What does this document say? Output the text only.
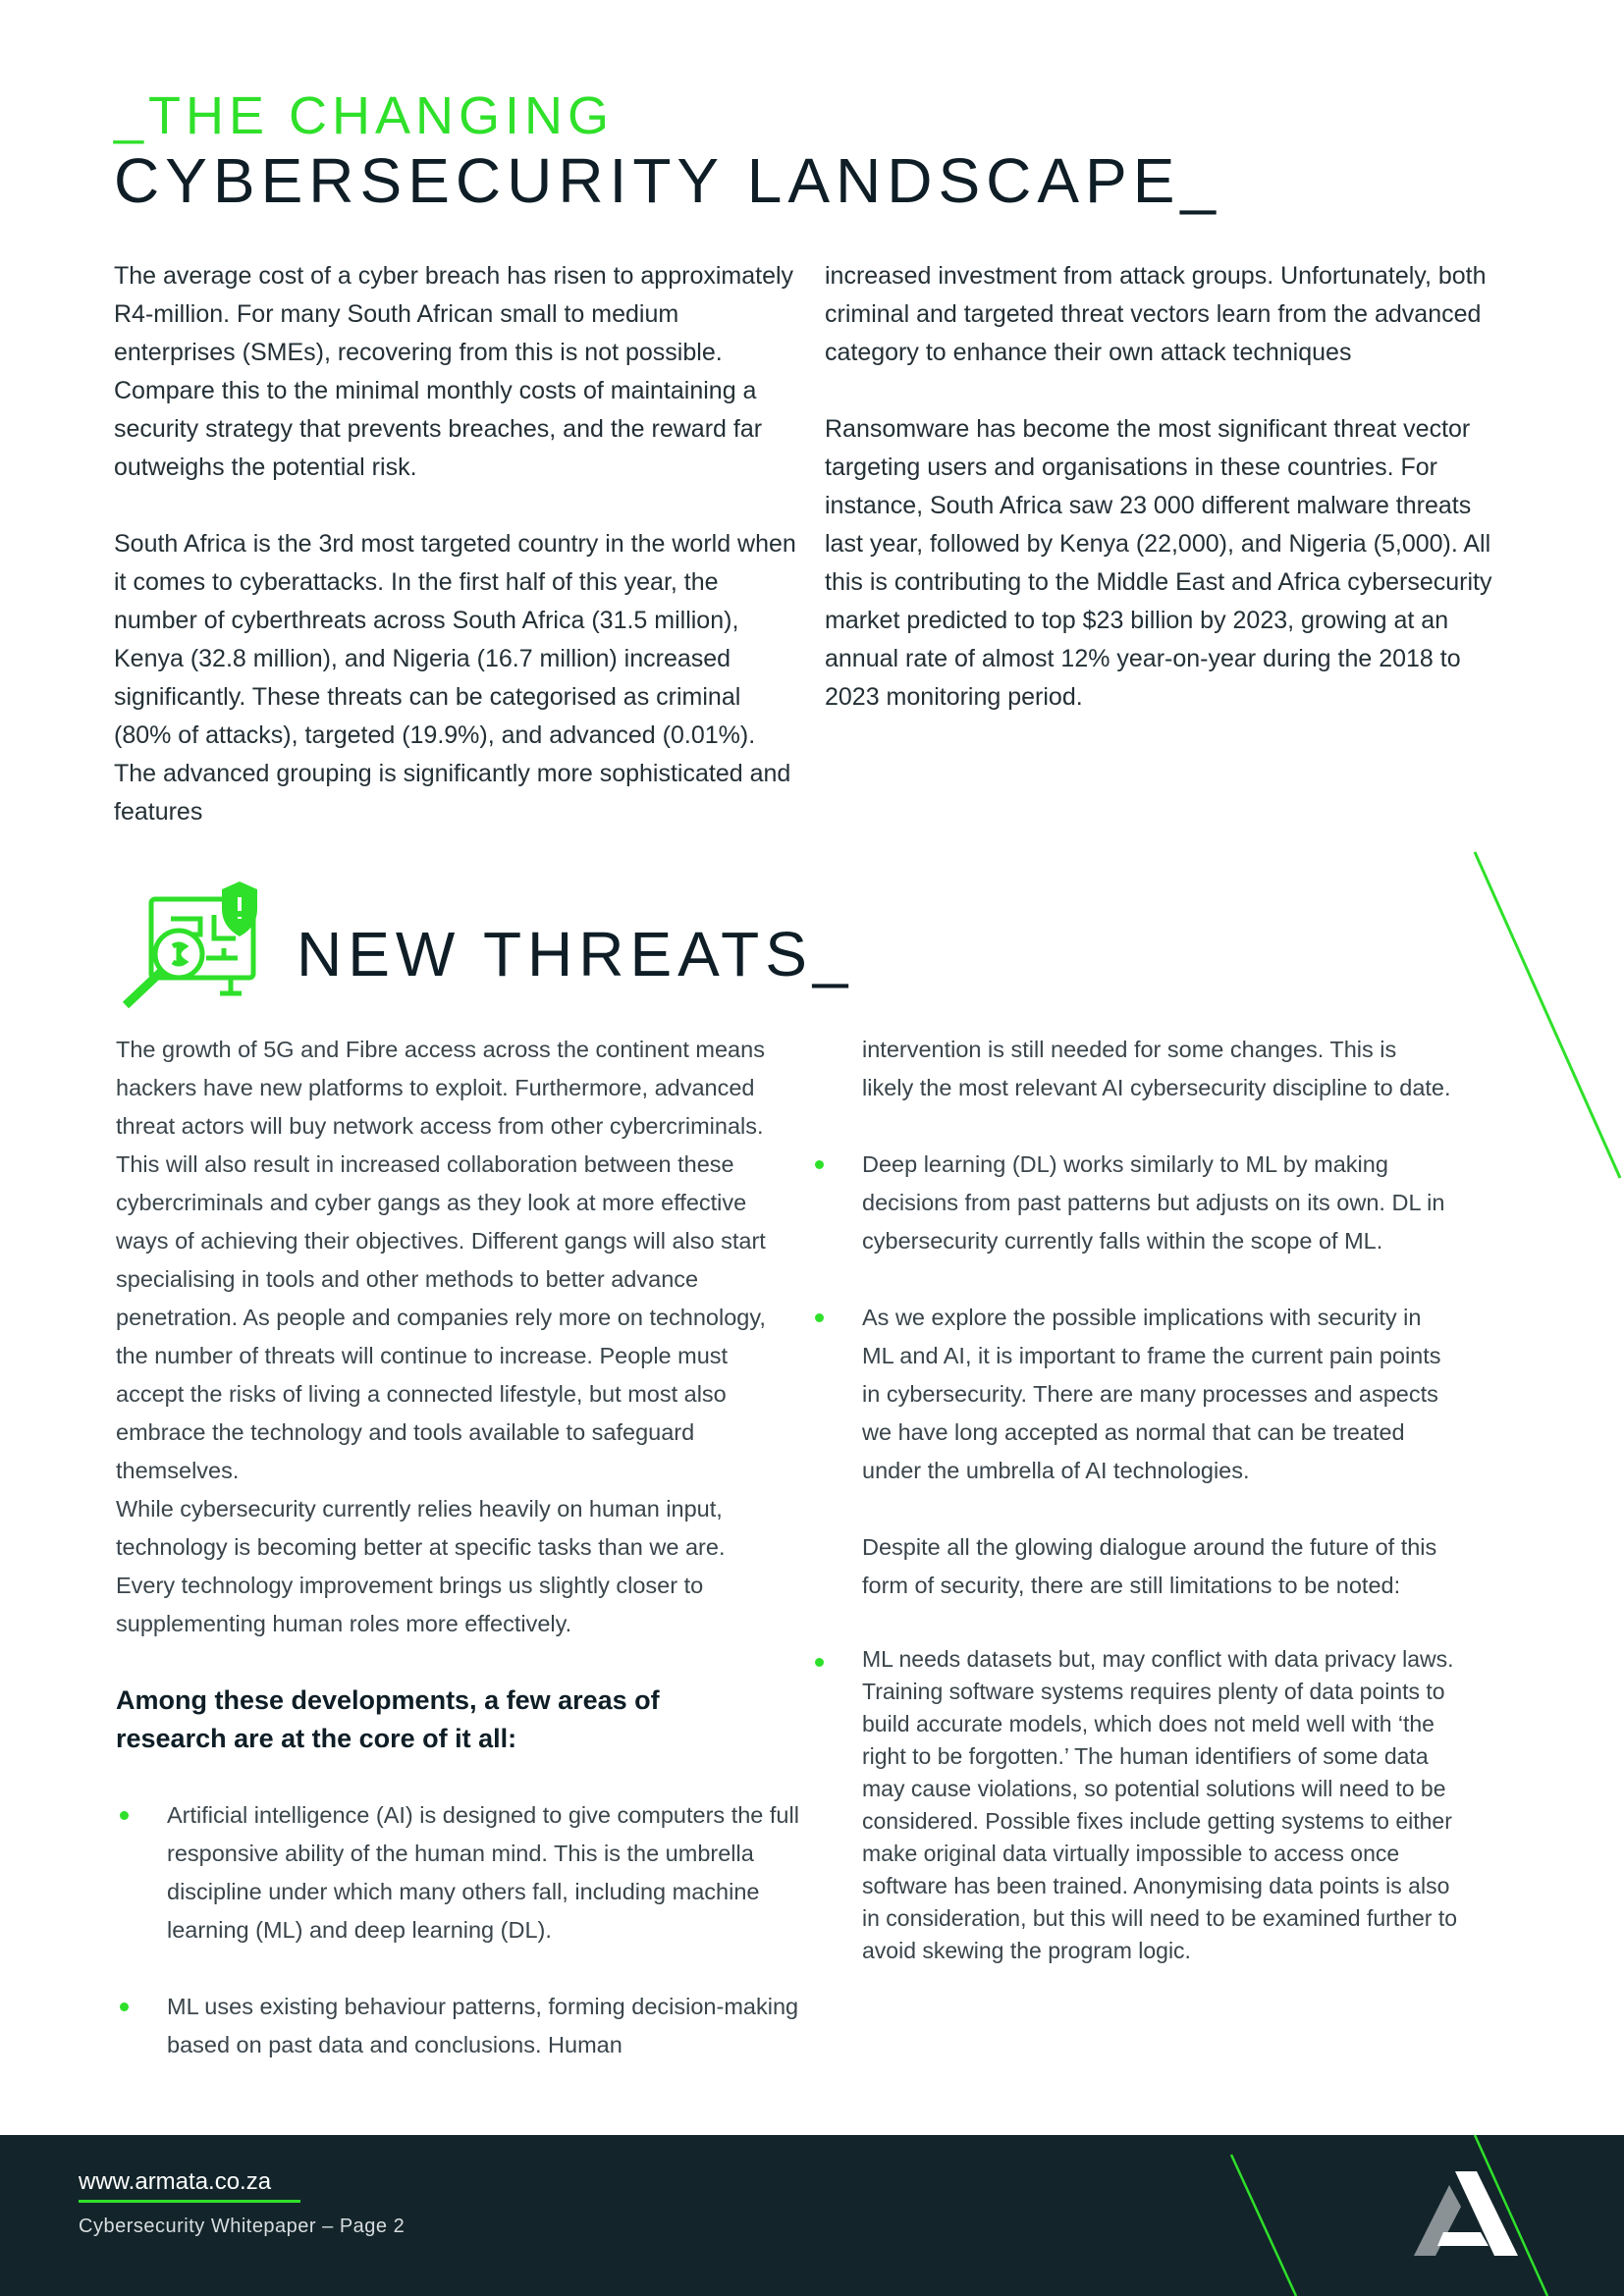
_THE CHANGING
CYBERSECURITY LANDSCAPE_

The average cost of a cyber breach has risen to approximately R4-million. For many South African small to medium enterprises (SMEs), recovering from this is not possible. Compare this to the minimal monthly costs of maintaining a security strategy that prevents breaches, and the reward far outweighs the potential risk.

South Africa is the 3rd most targeted country in the world when it comes to cyberattacks. In the first half of this year, the number of cyberthreats across South Africa (31.5 million), Kenya (32.8 million), and Nigeria (16.7 million) increased significantly. These threats can be categorised as criminal (80% of attacks), targeted (19.9%), and advanced (0.01%). The advanced grouping is significantly more sophisticated and features

increased investment from attack groups. Unfortunately, both criminal and targeted threat vectors learn from the advanced category to enhance their own attack techniques

Ransomware has become the most significant threat vector targeting users and organisations in these countries. For instance, South Africa saw 23 000 different malware threats last year, followed by Kenya (22,000), and Nigeria (5,000). All this is contributing to the Middle East and Africa cybersecurity market predicted to top $23 billion by 2023, growing at an annual rate of almost 12% year-on-year during the 2018 to 2023 monitoring period.

NEW THREATS_

The growth of 5G and Fibre access across the continent means hackers have new platforms to exploit. Furthermore, advanced threat actors will buy network access from other cybercriminals. This will also result in increased collaboration between these cybercriminals and cyber gangs as they look at more effective ways of achieving their objectives. Different gangs will also start specialising in tools and other methods to better advance penetration. As people and companies rely more on technology, the number of threats will continue to increase. People must accept the risks of living a connected lifestyle, but most also embrace the technology and tools available to safeguard themselves.

While cybersecurity currently relies heavily on human input, technology is becoming better at specific tasks than we are. Every technology improvement brings us slightly closer to supplementing human roles more effectively.

Among these developments, a few areas of research are at the core of it all:

Artificial intelligence (AI) is designed to give computers the full responsive ability of the human mind. This is the umbrella discipline under which many others fall, including machine learning (ML) and deep learning (DL).

ML uses existing behaviour patterns, forming decision-making based on past data and conclusions. Human

intervention is still needed for some changes. This is likely the most relevant AI cybersecurity discipline to date.

Deep learning (DL) works similarly to ML by making decisions from past patterns but adjusts on its own. DL in cybersecurity currently falls within the scope of ML.

As we explore the possible implications with security in ML and AI, it is important to frame the current pain points in cybersecurity. There are many processes and aspects we have long accepted as normal that can be treated under the umbrella of AI technologies.

Despite all the glowing dialogue around the future of this form of security, there are still limitations to be noted:

ML needs datasets but, may conflict with data privacy laws. Training software systems requires plenty of data points to build accurate models, which does not meld well with ‘the right to be forgotten.’ The human identifiers of some data may cause violations, so potential solutions will need to be considered. Possible fixes include getting systems to either make original data virtually impossible to access once software has been trained. Anonymising data points is also in consideration, but this will need to be examined further to avoid skewing the program logic.

www.armata.co.za
Cybersecurity Whitepaper – Page 2
